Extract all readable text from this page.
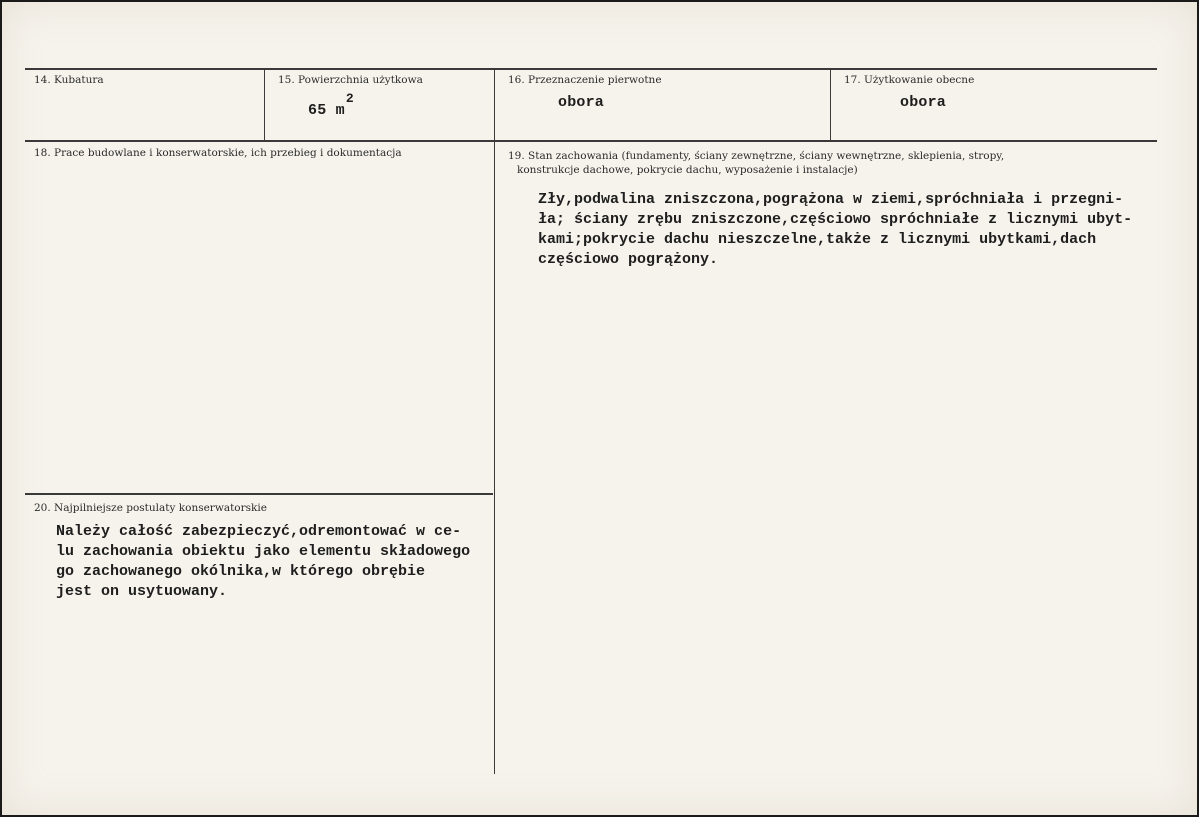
14. Kubatura	15. Powierzchnia użytkowa
65 $m^2$
16. Przeznaczenie pierwotne
obora
17. Użytkowanie obecne
obora
18. Prace budowlane i konserwatorskie, ich przebieg i dokumentacja	19. Stan zachowania (fundamenty, ściany zewnętrzne, ściany wewnętrzne, sklepienia, stropy,
konstrukcje dachowe, pokrycie dachu, wyposażenie i instalacje)
Zły,podwalina zniszczona,pogrążona w ziemi,spróchniała i przegni-
ła; ściany zrębu zniszczone,częściowo spróchniałe z licznymi ubyt-
kami;pokrycie dachu nieszczelne,także z licznymi ubytkami,dach
częściowo pogrążony.
20. Najpilniejsze postulaty konserwatorskie
Należy całość zabezpieczyć,odremontować w ce-
lu zachowania obiektu jako elementu składowego
go zachowanego okólnika,w którego obrębie
jest on usytuowany.
